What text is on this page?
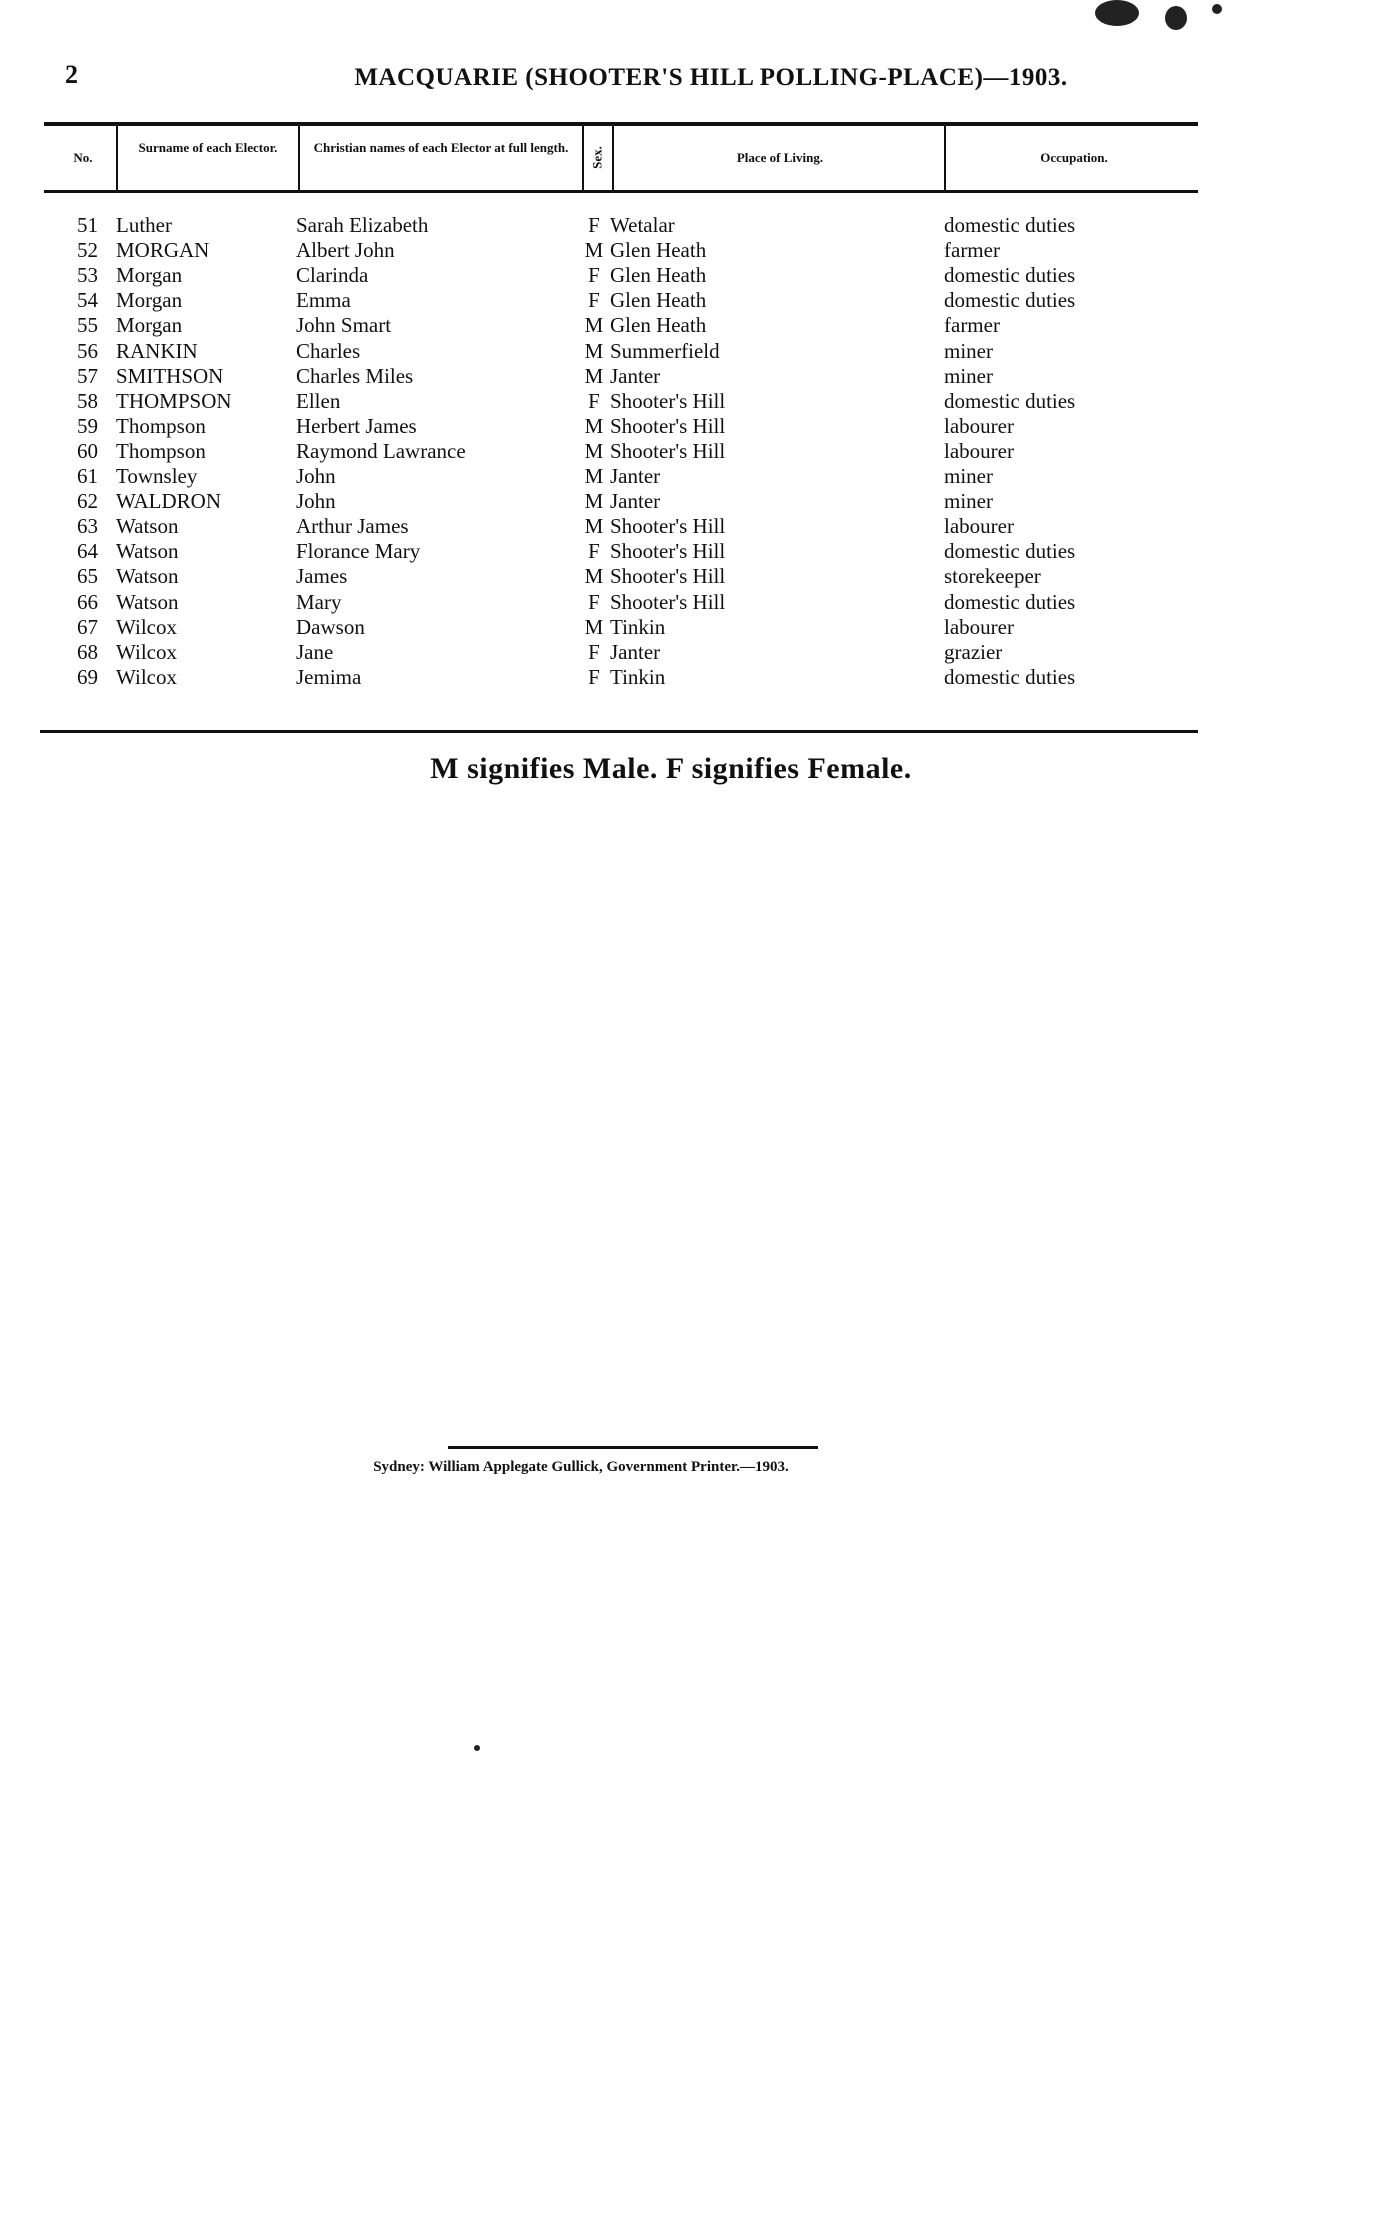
2	MACQUARIE (SHOOTER'S HILL POLLING-PLACE)—1903.
No.
Surname of each Elector.	Christian names of each Elector at full length.	Sex.	Place of Living.	Occupation.
51 Luther	Sarah Elizabeth	F Wetalar	domestic duties
52 MORGAN	Albert John	M Glen Heath	farmer
53 Morgan	Clarinda	F Glen Heath	domestic duties
54 Morgan	Emma	F Glen Heath	domestic duties
55 Morgan	John Smart	M Glen Heath	farmer
56 RANKIN	Charles	M Summerfield	miner
57 SMITHSON	Charles Miles	M Janter	miner
58 THOMPSON	Ellen	F Shooter's Hill	domestic duties
59 Thompson	Herbert James	M Shooter's Hill	labourer
60 Thompson	Raymond Lawrance	M Shooter's Hill	labourer
61 Townsley	John	M Janter	miner
62 WALDRON	John	M Janter	miner
63 Watson	Arthur James	M Shooter's Hill	labourer
64 Watson	Florance Mary	F Shooter's Hill	domestic duties
65 Watson	James	M Shooter's Hill	storekeeper
66 Watson	Mary	F Shooter's Hill	domestic duties
67 Wilcox	Dawson	M Tinkin	labourer
68 Wilcox	Jane	F Janter	grazier
69 Wilcox	Jemima	F Tinkin	domestic duties
M signifies Male. F signifies Female.
Sydney: William Applegate Gullick, Government Printer.—1903.
